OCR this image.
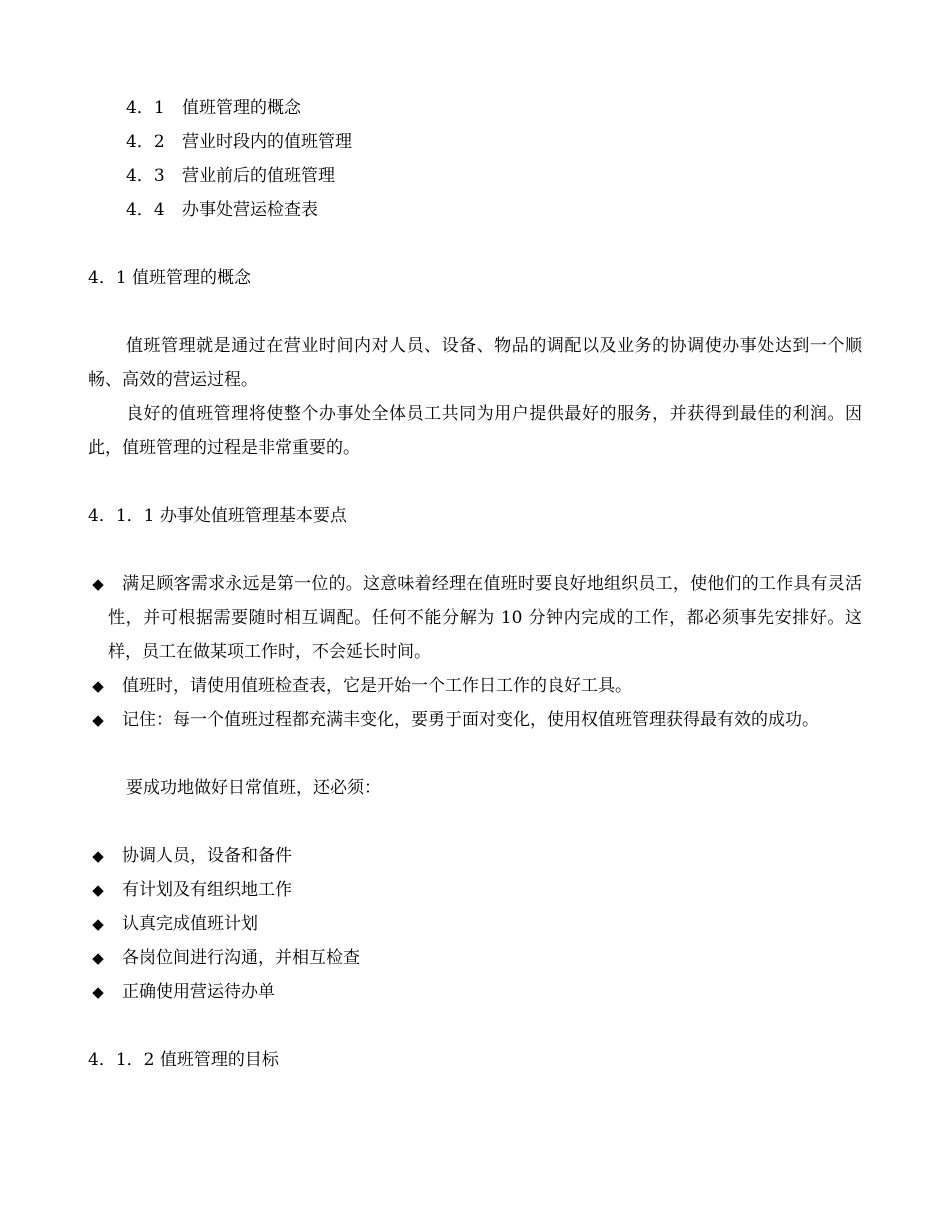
4．1 值班管理的概念
4．2 营业时段内的值班管理
4．3 营业前后的值班管理
4．4 办事处营运检查表
4．1 值班管理的概念

值班管理就是通过在营业时间内对人员、设备、物品的调配以及业务的协调使办事处达到一个顺畅、高效的营运过程。

良好的值班管理将使整个办事处全体员工共同为用户提供最好的服务，并获得到最佳的利润。因此，值班管理的过程是非常重要的。

4．1．1 办事处值班管理基本要点
◆	满足顾客需求永远是第一位的。这意味着经理在值班时要良好地组织员工，使他们的工作具有灵活性，并可根据需要随时相互调配。任何不能分解为 10 分钟内完成的工作，都必须事先安排好。这样，员工在做某项工作时，不会延长时间。
◆	值班时，请使用值班检查表，它是开始一个工作日工作的良好工具。
◆	记住：每一个值班过程都充满丰变化，要勇于面对变化，使用权值班管理获得最有效的成功。

要成功地做好日常值班，还必须：

◆ 协调人员，设备和备件
◆ 有计划及有组织地工作
◆ 认真完成值班计划
◆ 各岗位间进行沟通，并相互检查
◆ 正确使用营运待办单
4．1．2 值班管理的目标
